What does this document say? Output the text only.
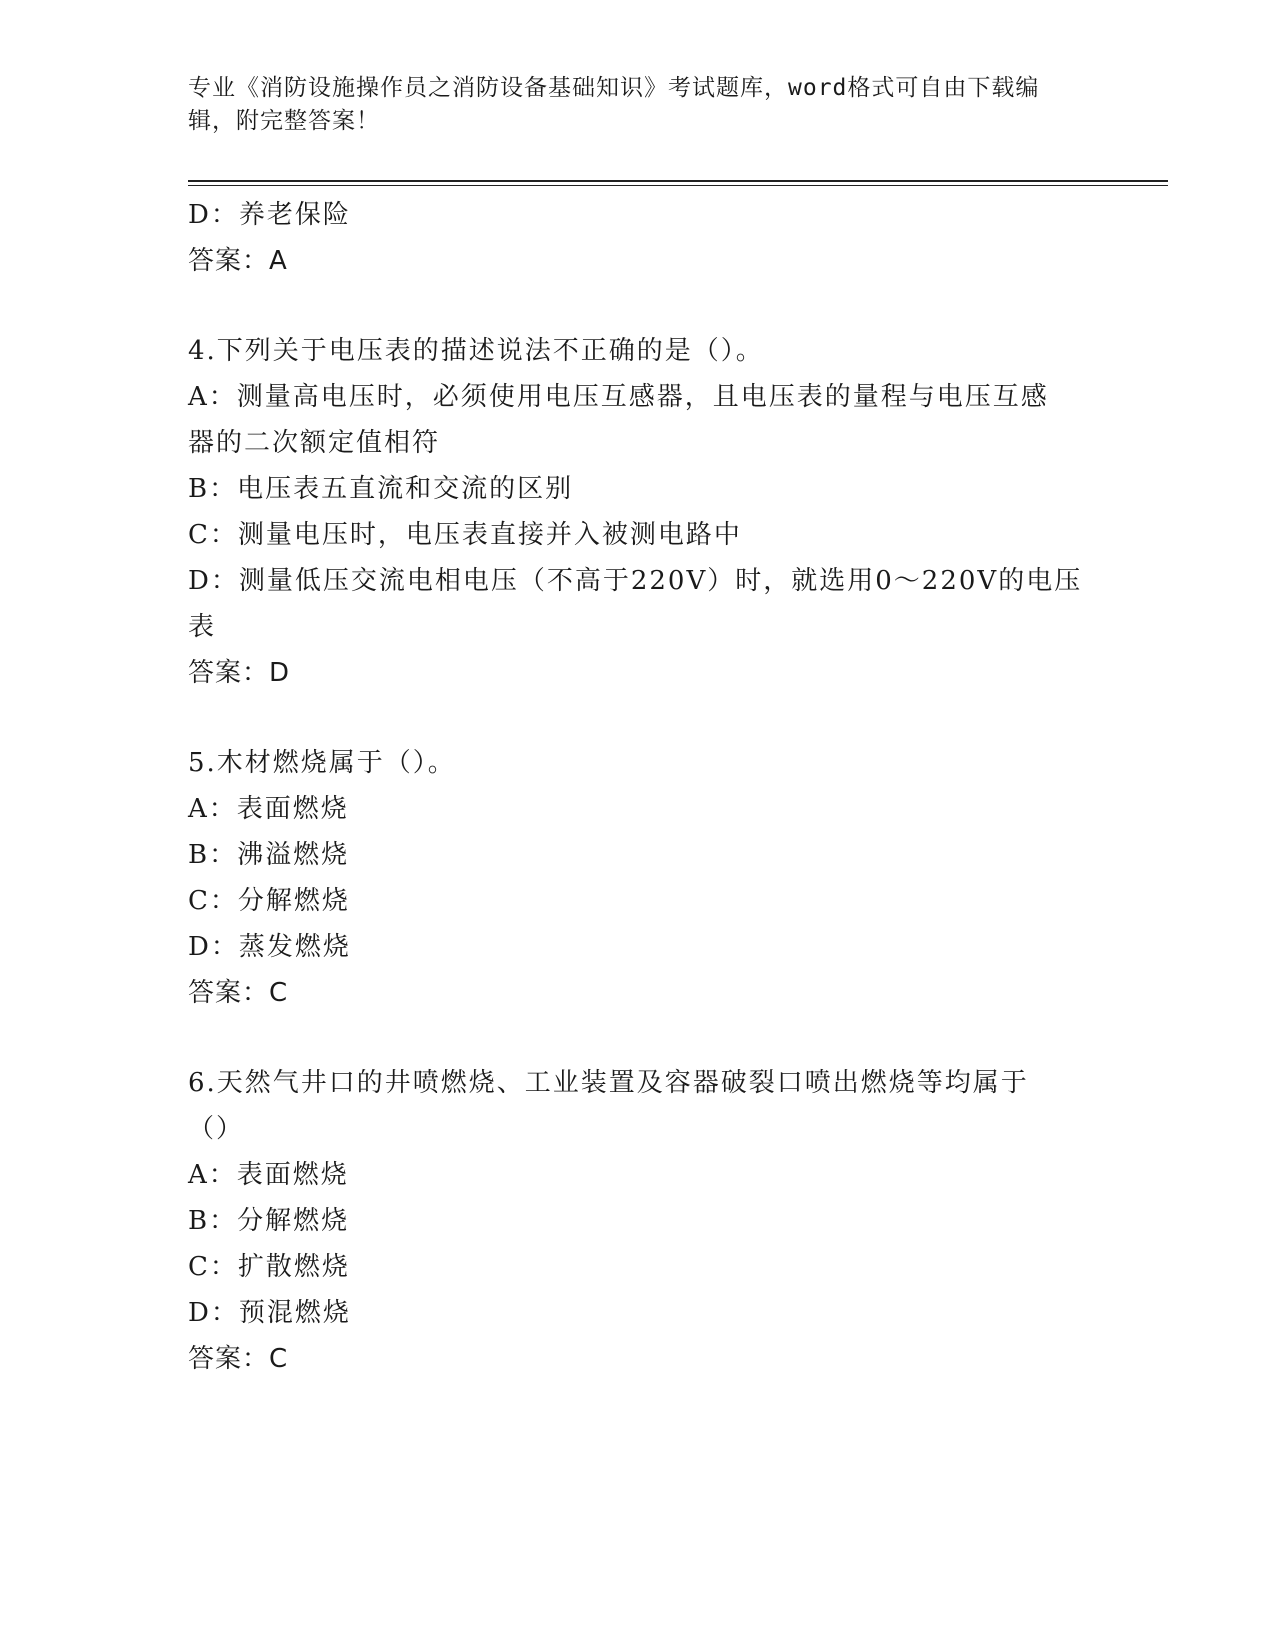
专业《消防设施操作员之消防设备基础知识》考试题库，word格式可自由下载编
辑，附完整答案！
D：养老保险
答案：A
4.下列关于电压表的描述说法不正确的是（）。
A：测量高电压时，必须使用电压互感器，且电压表的量程与电压互感
器的二次额定值相符
B：电压表五直流和交流的区别
C：测量电压时，电压表直接并入被测电路中
D：测量低压交流电相电压（不高于220V）时，就选用0～220V的电压
表
答案：D
5.木材燃烧属于（）。
A：表面燃烧
B：沸溢燃烧
C：分解燃烧
D：蒸发燃烧
答案：C
6.天然气井口的井喷燃烧、工业装置及容器破裂口喷出燃烧等均属于
（）
A：表面燃烧
B：分解燃烧
C：扩散燃烧
D：预混燃烧
答案：C
